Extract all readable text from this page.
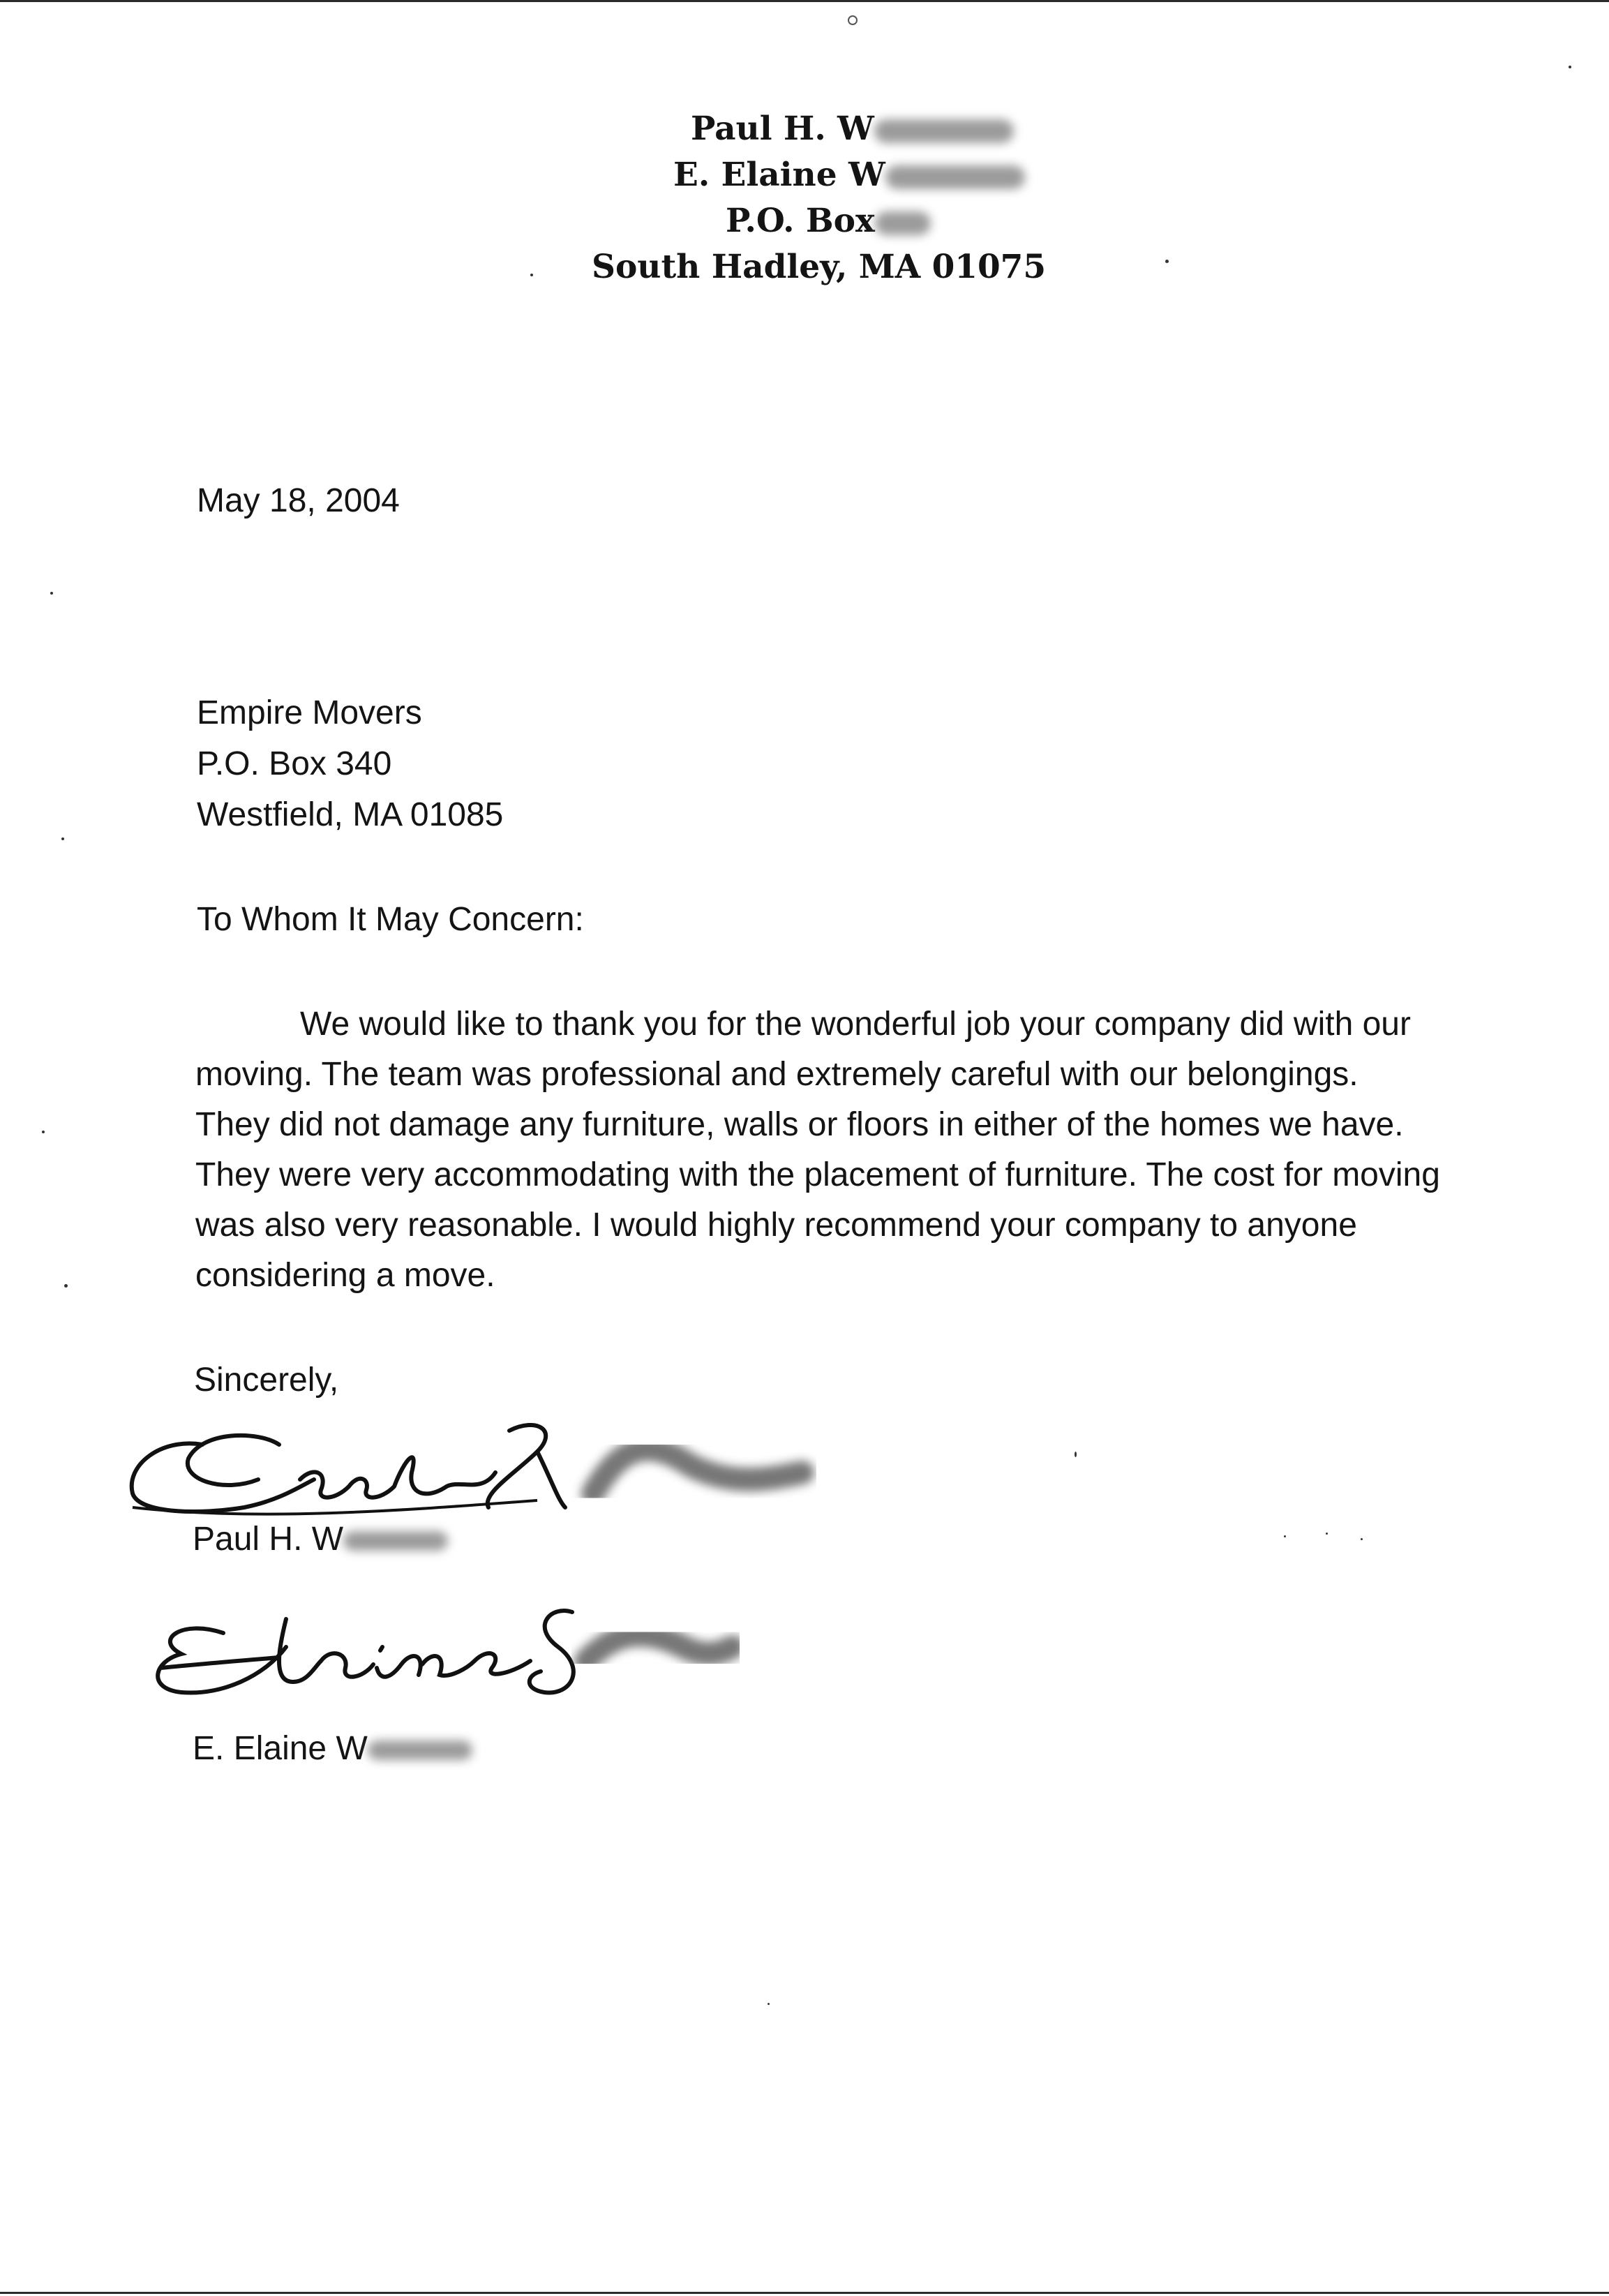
Paul H. W
E. Elaine W
P.O. Box
South Hadley, MA 01075
May 18, 2004
Empire Movers
P.O. Box 340
Westfield, MA 01085
To Whom It May Concern:
We would like to thank you for the wonderful job your company did with our
moving. The team was professional and extremely careful with our belongings.
They did not damage any furniture, walls or floors in either of the homes we have.
They were very accommodating with the placement of furniture. The cost for moving
was also very reasonable. I would highly recommend your company to anyone
considering a move.
Sincerely,
Paul H. W
E. Elaine W
